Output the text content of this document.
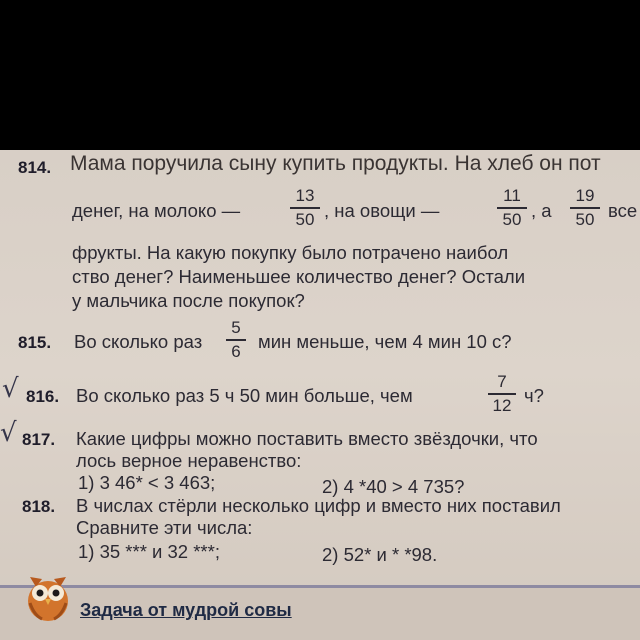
814. Мама поручила сыну купить продукты. На хлеб он пот
денег, на молоко —
13
50 , на овощи —
11
50 , а
19
50 все
фрукты. На какую покупку было потрачено наибол
ство денег? Наименьшее количество денег? Остали
у мальчика после покупок?
815. Во сколько раз
5
6 мин меньше, чем 4 мин 10 с?
√ 816. Во сколько раз 5 ч 50 мин больше, чем
7
12 ч?
√ 817. Какие цифры можно поставить вместо звёздочки, что
лось верное неравенство:
1) 3 46* < 3 463;	2) 4 *40 > 4 735?
818. В числах стёрли несколько цифр и вместо них поставил
Сравните эти числа:
1) 35 *** и 32 ***;	2) 52* и * *98.
Задача от мудрой совы
